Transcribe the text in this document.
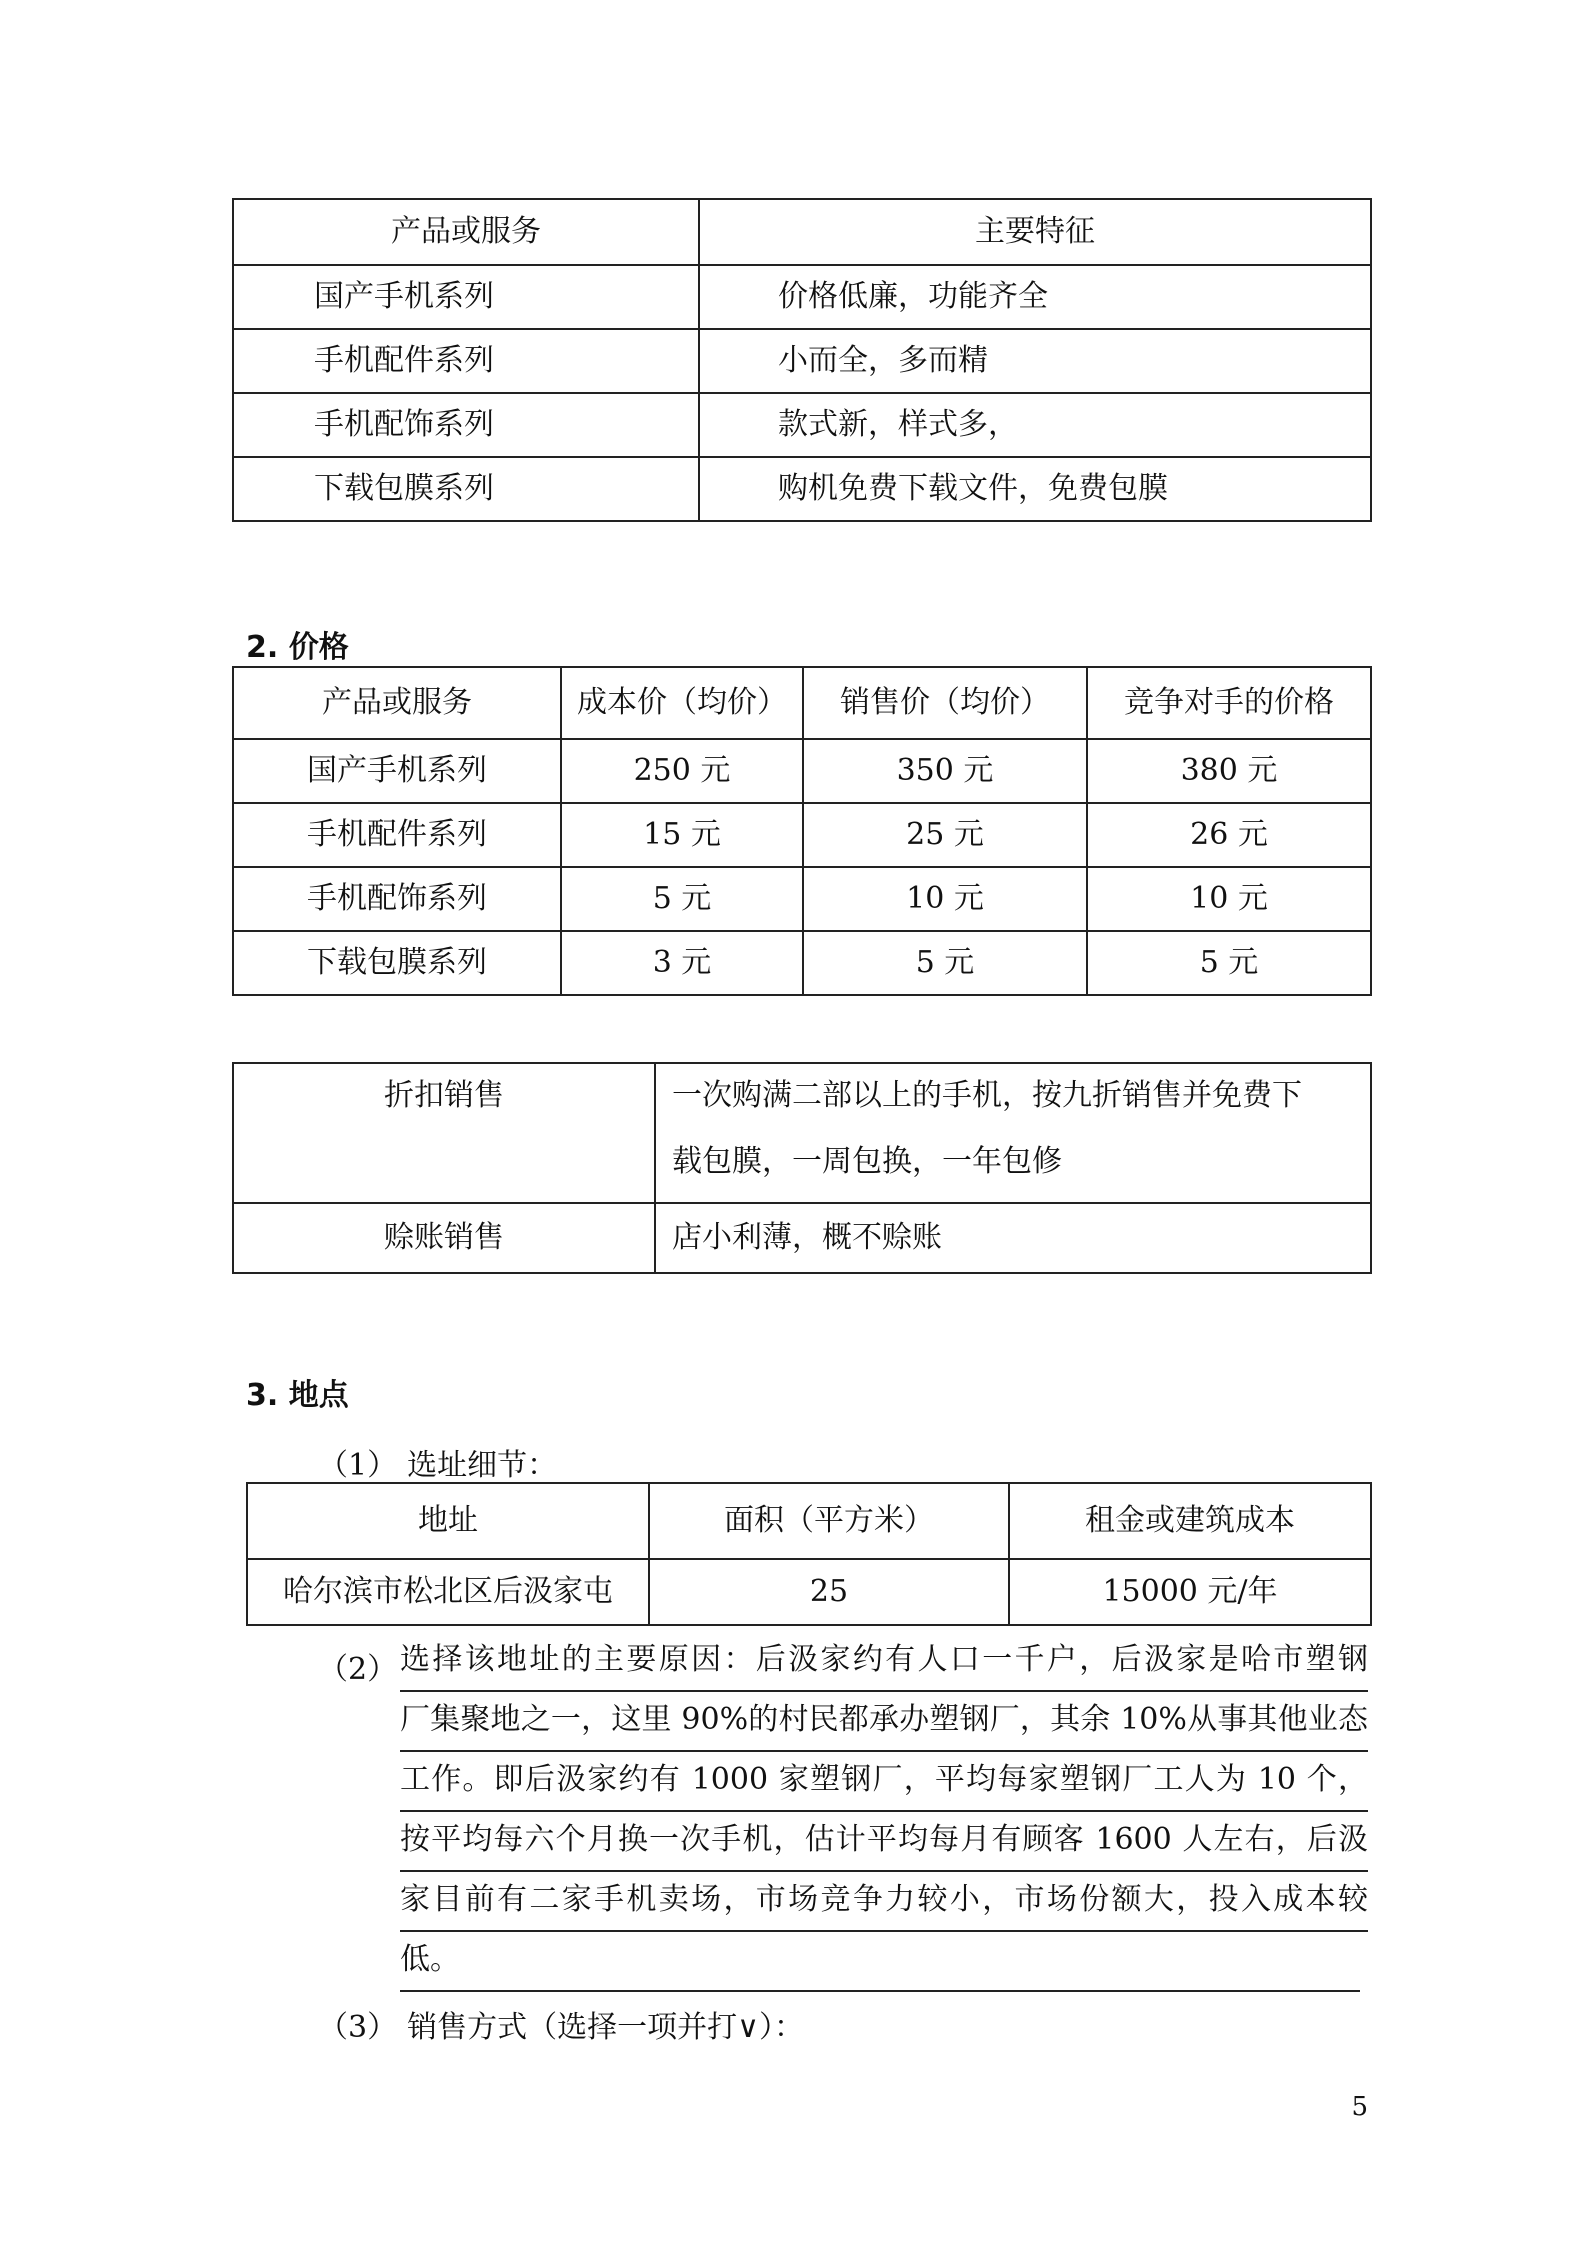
产品或服务	主要特征
国产手机系列	价格低廉，功能齐全
手机配件系列	小而全，多而精
手机配饰系列	款式新，样式多，
下载包膜系列	购机免费下载文件，免费包膜
2. 价格
产品或服务	成本价（均价）	销售价（均价）	竞争对手的价格
国产手机系列	250 元	350 元	380 元
手机配件系列	15 元	25 元	26 元
手机配饰系列	5 元	10 元	10 元
下载包膜系列	3 元	5 元	5 元
折扣销售	一次购满二部以上的手机，按九折销售并免费下
载包膜，一周包换，一年包修

赊账销售	店小利薄，概不赊账
3. 地点
（1） 选址细节：
地址	面积（平方米）	租金或建筑成本
哈尔滨市松北区后汲家屯	25	15000 元/年
（2） 选择该地址的主要原因：后汲家约有人口一千户，后汲家是哈市塑钢
厂集聚地之一，这里 90%的村民都承办塑钢厂，其余 10%从事其他业态
工作。即后汲家约有 1000 家塑钢厂，平均每家塑钢厂工人为 10 个，
按平均每六个月换一次手机，估计平均每月有顾客 1600 人左右，后汲
家目前有二家手机卖场，市场竞争力较小，市场份额大，投入成本较
低。
（3） 销售方式（选择一项并打∨）：
5
